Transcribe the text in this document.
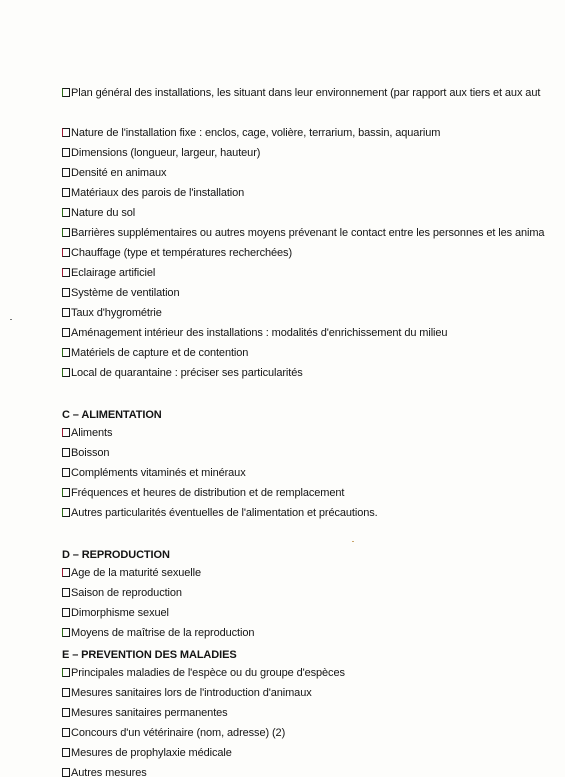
Plan général des installations, les situant dans leur environnement (par rapport aux tiers et aux aut
Nature de l'installation fixe : enclos, cage, volière, terrarium, bassin, aquarium
Dimensions (longueur, largeur, hauteur)
Densité en animaux
Matériaux des parois de l'installation
Nature du sol
Barrières supplémentaires ou autres moyens prévenant le contact entre les personnes et les anima
Chauffage (type et températures recherchées)
Eclairage artificiel
Système de ventilation
Taux d'hygrométrie
Aménagement intérieur des installations : modalités d'enrichissement du milieu
Matériels de capture et de contention
Local de quarantaine : préciser ses particularités
C – ALIMENTATION
Aliments
Boisson
Compléments vitaminés et minéraux
Fréquences et heures de distribution et de remplacement
Autres particularités éventuelles de l'alimentation et précautions.
D – REPRODUCTION
Age de la maturité sexuelle
Saison de reproduction
Dimorphisme sexuel
Moyens de maîtrise de la reproduction
E – PREVENTION DES MALADIES
Principales maladies de l'espèce ou du groupe d'espèces
Mesures sanitaires lors de l'introduction d'animaux
Mesures sanitaires permanentes
Concours d'un vétérinaire (nom, adresse) (2)
Mesures de prophylaxie médicale
Autres mesures
